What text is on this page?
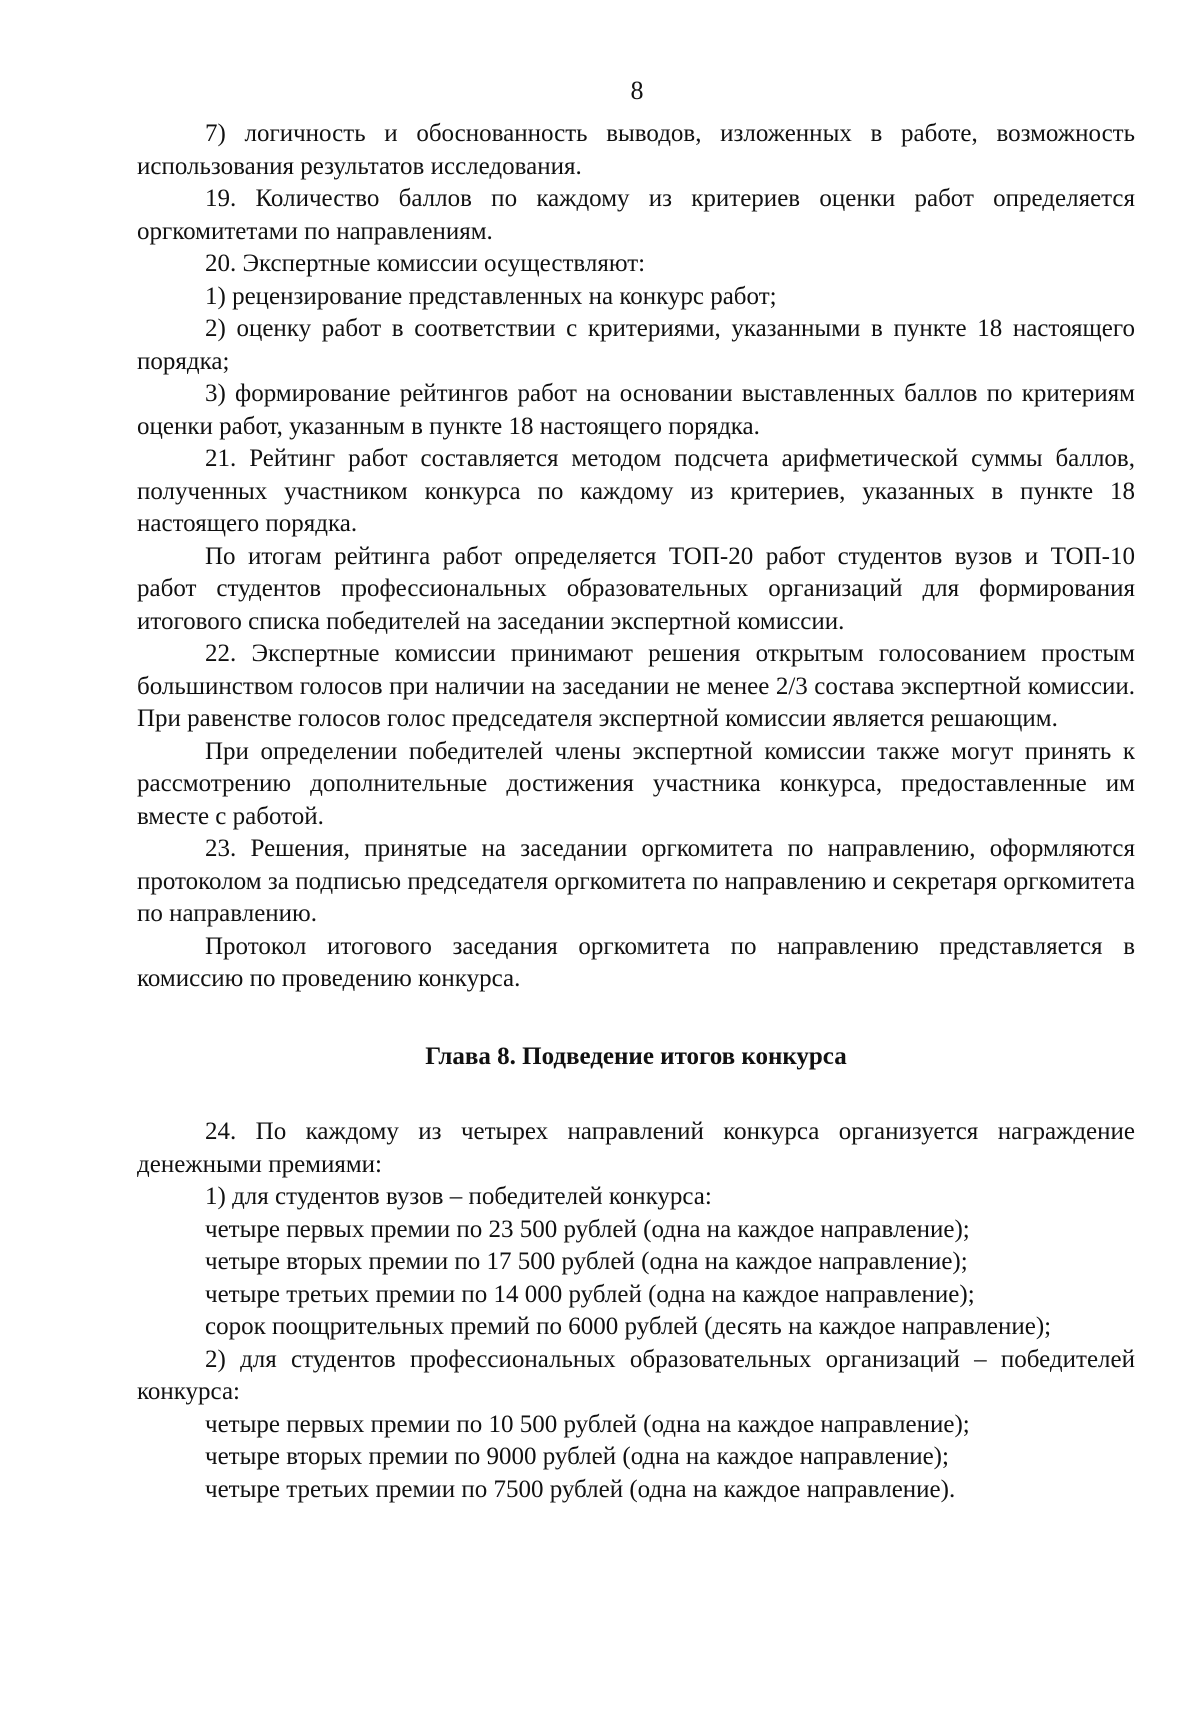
8

7) логичность и обоснованность выводов, изложенных в работе, возможность использования результатов исследования.

19. Количество баллов по каждому из критериев оценки работ определяется оргкомитетами по направлениям.

20. Экспертные комиссии осуществляют:

1) рецензирование представленных на конкурс работ;

2) оценку работ в соответствии с критериями, указанными в пункте 18 настоящего порядка;

3) формирование рейтингов работ на основании выставленных баллов по критериям оценки работ, указанным в пункте 18 настоящего порядка.

21. Рейтинг работ составляется методом подсчета арифметической суммы баллов, полученных участником конкурса по каждому из критериев, указанных в пункте 18 настоящего порядка.

По итогам рейтинга работ определяется ТОП-20 работ студентов вузов и ТОП-10 работ студентов профессиональных образовательных организаций для формирования итогового списка победителей на заседании экспертной комиссии.

22. Экспертные комиссии принимают решения открытым голосованием простым большинством голосов при наличии на заседании не менее 2/3 состава экспертной комиссии. При равенстве голосов голос председателя экспертной комиссии является решающим.

При определении победителей члены экспертной комиссии также могут принять к рассмотрению дополнительные достижения участника конкурса, предоставленные им вместе с работой.

23. Решения, принятые на заседании оргкомитета по направлению, оформляются протоколом за подписью председателя оргкомитета по направлению и секретаря оргкомитета по направлению.

Протокол итогового заседания оргкомитета по направлению представляется в комиссию по проведению конкурса.

Глава 8. Подведение итогов конкурса

24. По каждому из четырех направлений конкурса организуется награждение денежными премиями:

1) для студентов вузов – победителей конкурса:

четыре первых премии по 23 500 рублей (одна на каждое направление);

четыре вторых премии по 17 500 рублей (одна на каждое направление);

четыре третьих премии по 14 000 рублей (одна на каждое направление);

сорок поощрительных премий по 6000 рублей (десять на каждое направление);

2) для студентов профессиональных образовательных организаций – победителей конкурса:

четыре первых премии по 10 500 рублей (одна на каждое направление);

четыре вторых премии по 9000 рублей (одна на каждое направление);

четыре третьих премии по 7500 рублей (одна на каждое направление).
